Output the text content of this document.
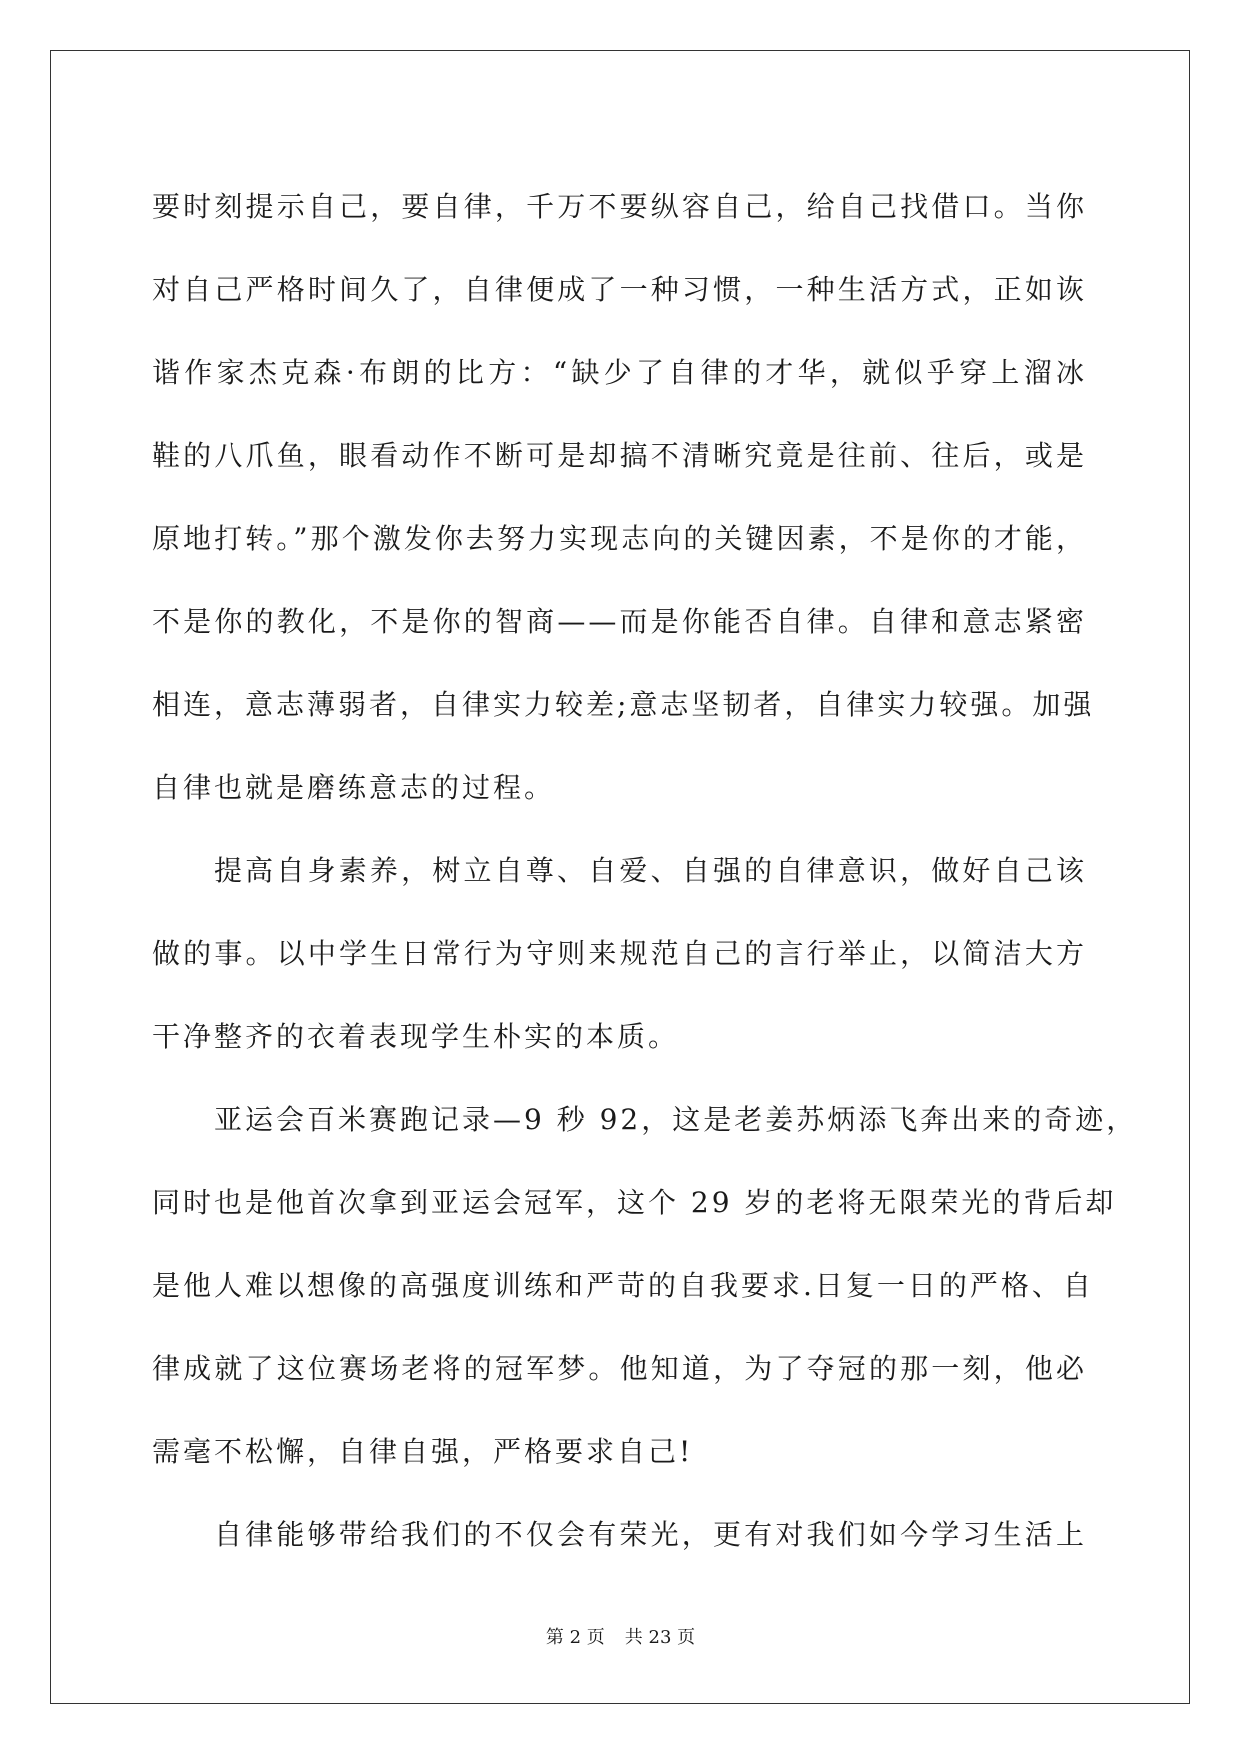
要时刻提示自己，要自律，千万不要纵容自己，给自己找借口。当你
对自己严格时间久了，自律便成了一种习惯，一种生活方式，正如诙
谐作家杰克森·布朗的比方：“缺少了自律的才华，就似乎穿上溜冰
鞋的八爪鱼，眼看动作不断可是却搞不清晰究竟是往前、往后，或是
原地打转。”那个激发你去努力实现志向的关键因素，不是你的才能，
不是你的教化，不是你的智商——而是你能否自律。自律和意志紧密
相连，意志薄弱者，自律实力较差;意志坚韧者，自律实力较强。加强
自律也就是磨练意志的过程。
提高自身素养，树立自尊、自爱、自强的自律意识，做好自己该
做的事。以中学生日常行为守则来规范自己的言行举止，以简洁大方
干净整齐的衣着表现学生朴实的本质。
亚运会百米赛跑记录—9 秒 92，这是老姜苏炳添飞奔出来的奇迹，
同时也是他首次拿到亚运会冠军，这个 29 岁的老将无限荣光的背后却
是他人难以想像的高强度训练和严苛的自我要求.日复一日的严格、自
律成就了这位赛场老将的冠军梦。他知道，为了夺冠的那一刻，他必
需毫不松懈，自律自强，严格要求自己!
自律能够带给我们的不仅会有荣光，更有对我们如今学习生活上
第 2 页 共 23 页
